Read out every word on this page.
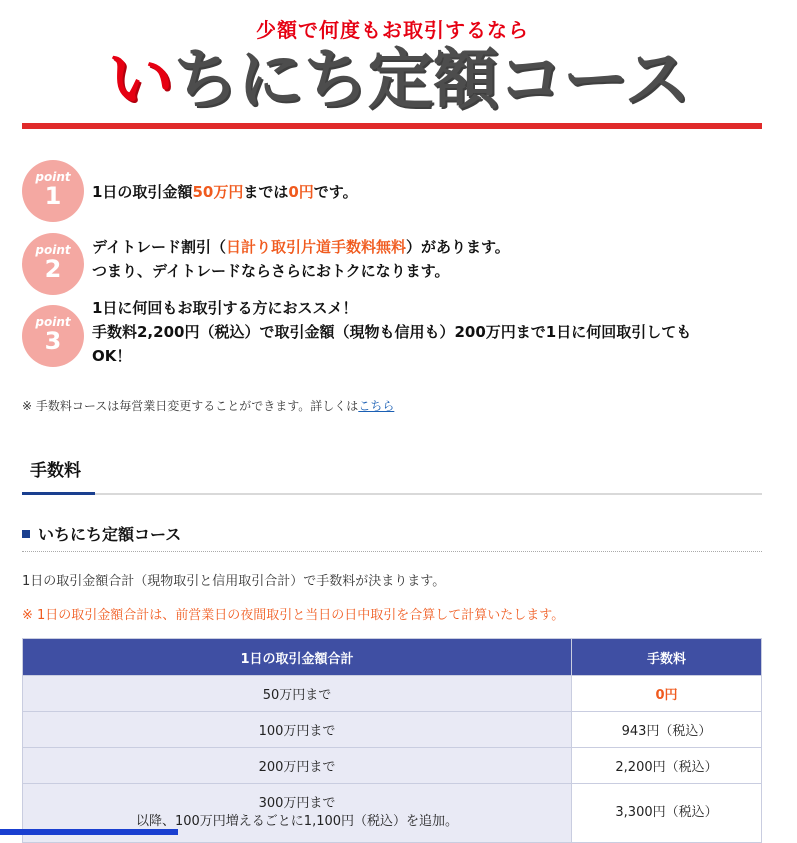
少額で何度もお取引するなら
いちにち定額コース
point
1	1日の取引金額50万円までは0円です。
point
2
デイトレード割引（日計り取引片道手数料無料）があります。
つまり、デイトレードならさらにおトクになります。
point
3
1日に何回もお取引する方におススメ！
手数料2,200円（税込）で取引金額（現物も信用も）200万円まで1日に何回取引しても
OK！
※ 手数料コースは毎営業日変更することができます。詳しくはこちら
手数料
いちにち定額コース
1日の取引金額合計（現物取引と信用取引合計）で手数料が決まります。
※ 1日の取引金額合計は、前営業日の夜間取引と当日の日中取引を合算して計算いたします。
1日の取引金額合計	手数料
50万円まで	0円
100万円まで	943円（税込）
200万円まで	2,200円（税込）

300万円まで
以降、100万円増えるごとに1,100円（税込）を追加。	3,300円（税込）
